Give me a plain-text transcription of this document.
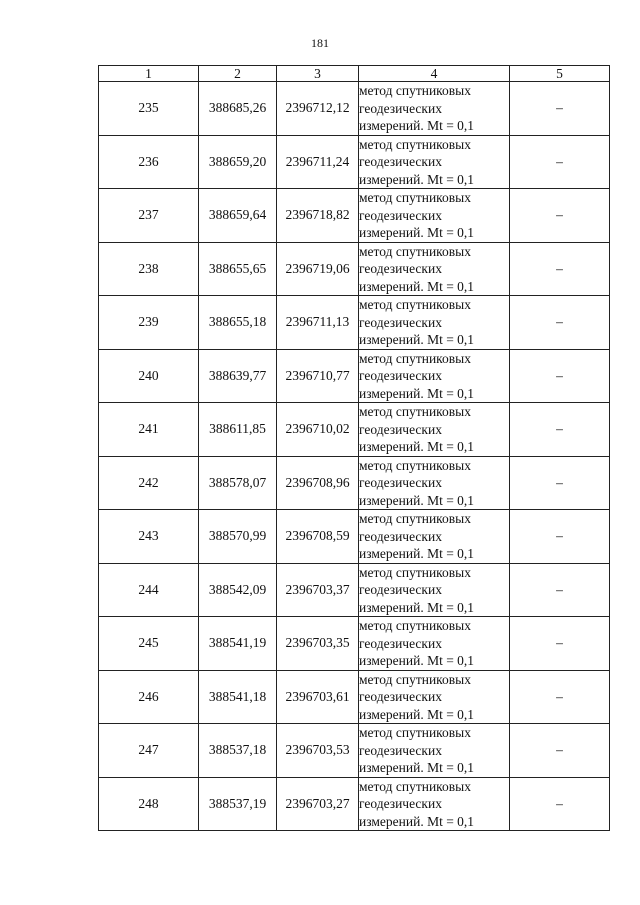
181
1	2	3	4	5
235	388685,26	2396712,12	метод спутниковых
геодезических
измерений. Mt = 0,1	–
236	388659,20	2396711,24	метод спутниковых
геодезических
измерений. Mt = 0,1	–
237	388659,64	2396718,82	метод спутниковых
геодезических
измерений. Mt = 0,1	–
238	388655,65	2396719,06	метод спутниковых
геодезических
измерений. Mt = 0,1	–
239	388655,18	2396711,13	метод спутниковых
геодезических
измерений. Mt = 0,1	–
240	388639,77	2396710,77	метод спутниковых
геодезических
измерений. Mt = 0,1	–
241	388611,85	2396710,02	метод спутниковых
геодезических
измерений. Mt = 0,1	–
242	388578,07	2396708,96	метод спутниковых
геодезических
измерений. Mt = 0,1	–
243	388570,99	2396708,59	метод спутниковых
геодезических
измерений. Mt = 0,1	–
244	388542,09	2396703,37	метод спутниковых
геодезических
измерений. Mt = 0,1	–
245	388541,19	2396703,35	метод спутниковых
геодезических
измерений. Mt = 0,1	–
246	388541,18	2396703,61	метод спутниковых
геодезических
измерений. Mt = 0,1	–
247	388537,18	2396703,53	метод спутниковых
геодезических
измерений. Mt = 0,1	–
248	388537,19	2396703,27	метод спутниковых
геодезических
измерений. Mt = 0,1	–
